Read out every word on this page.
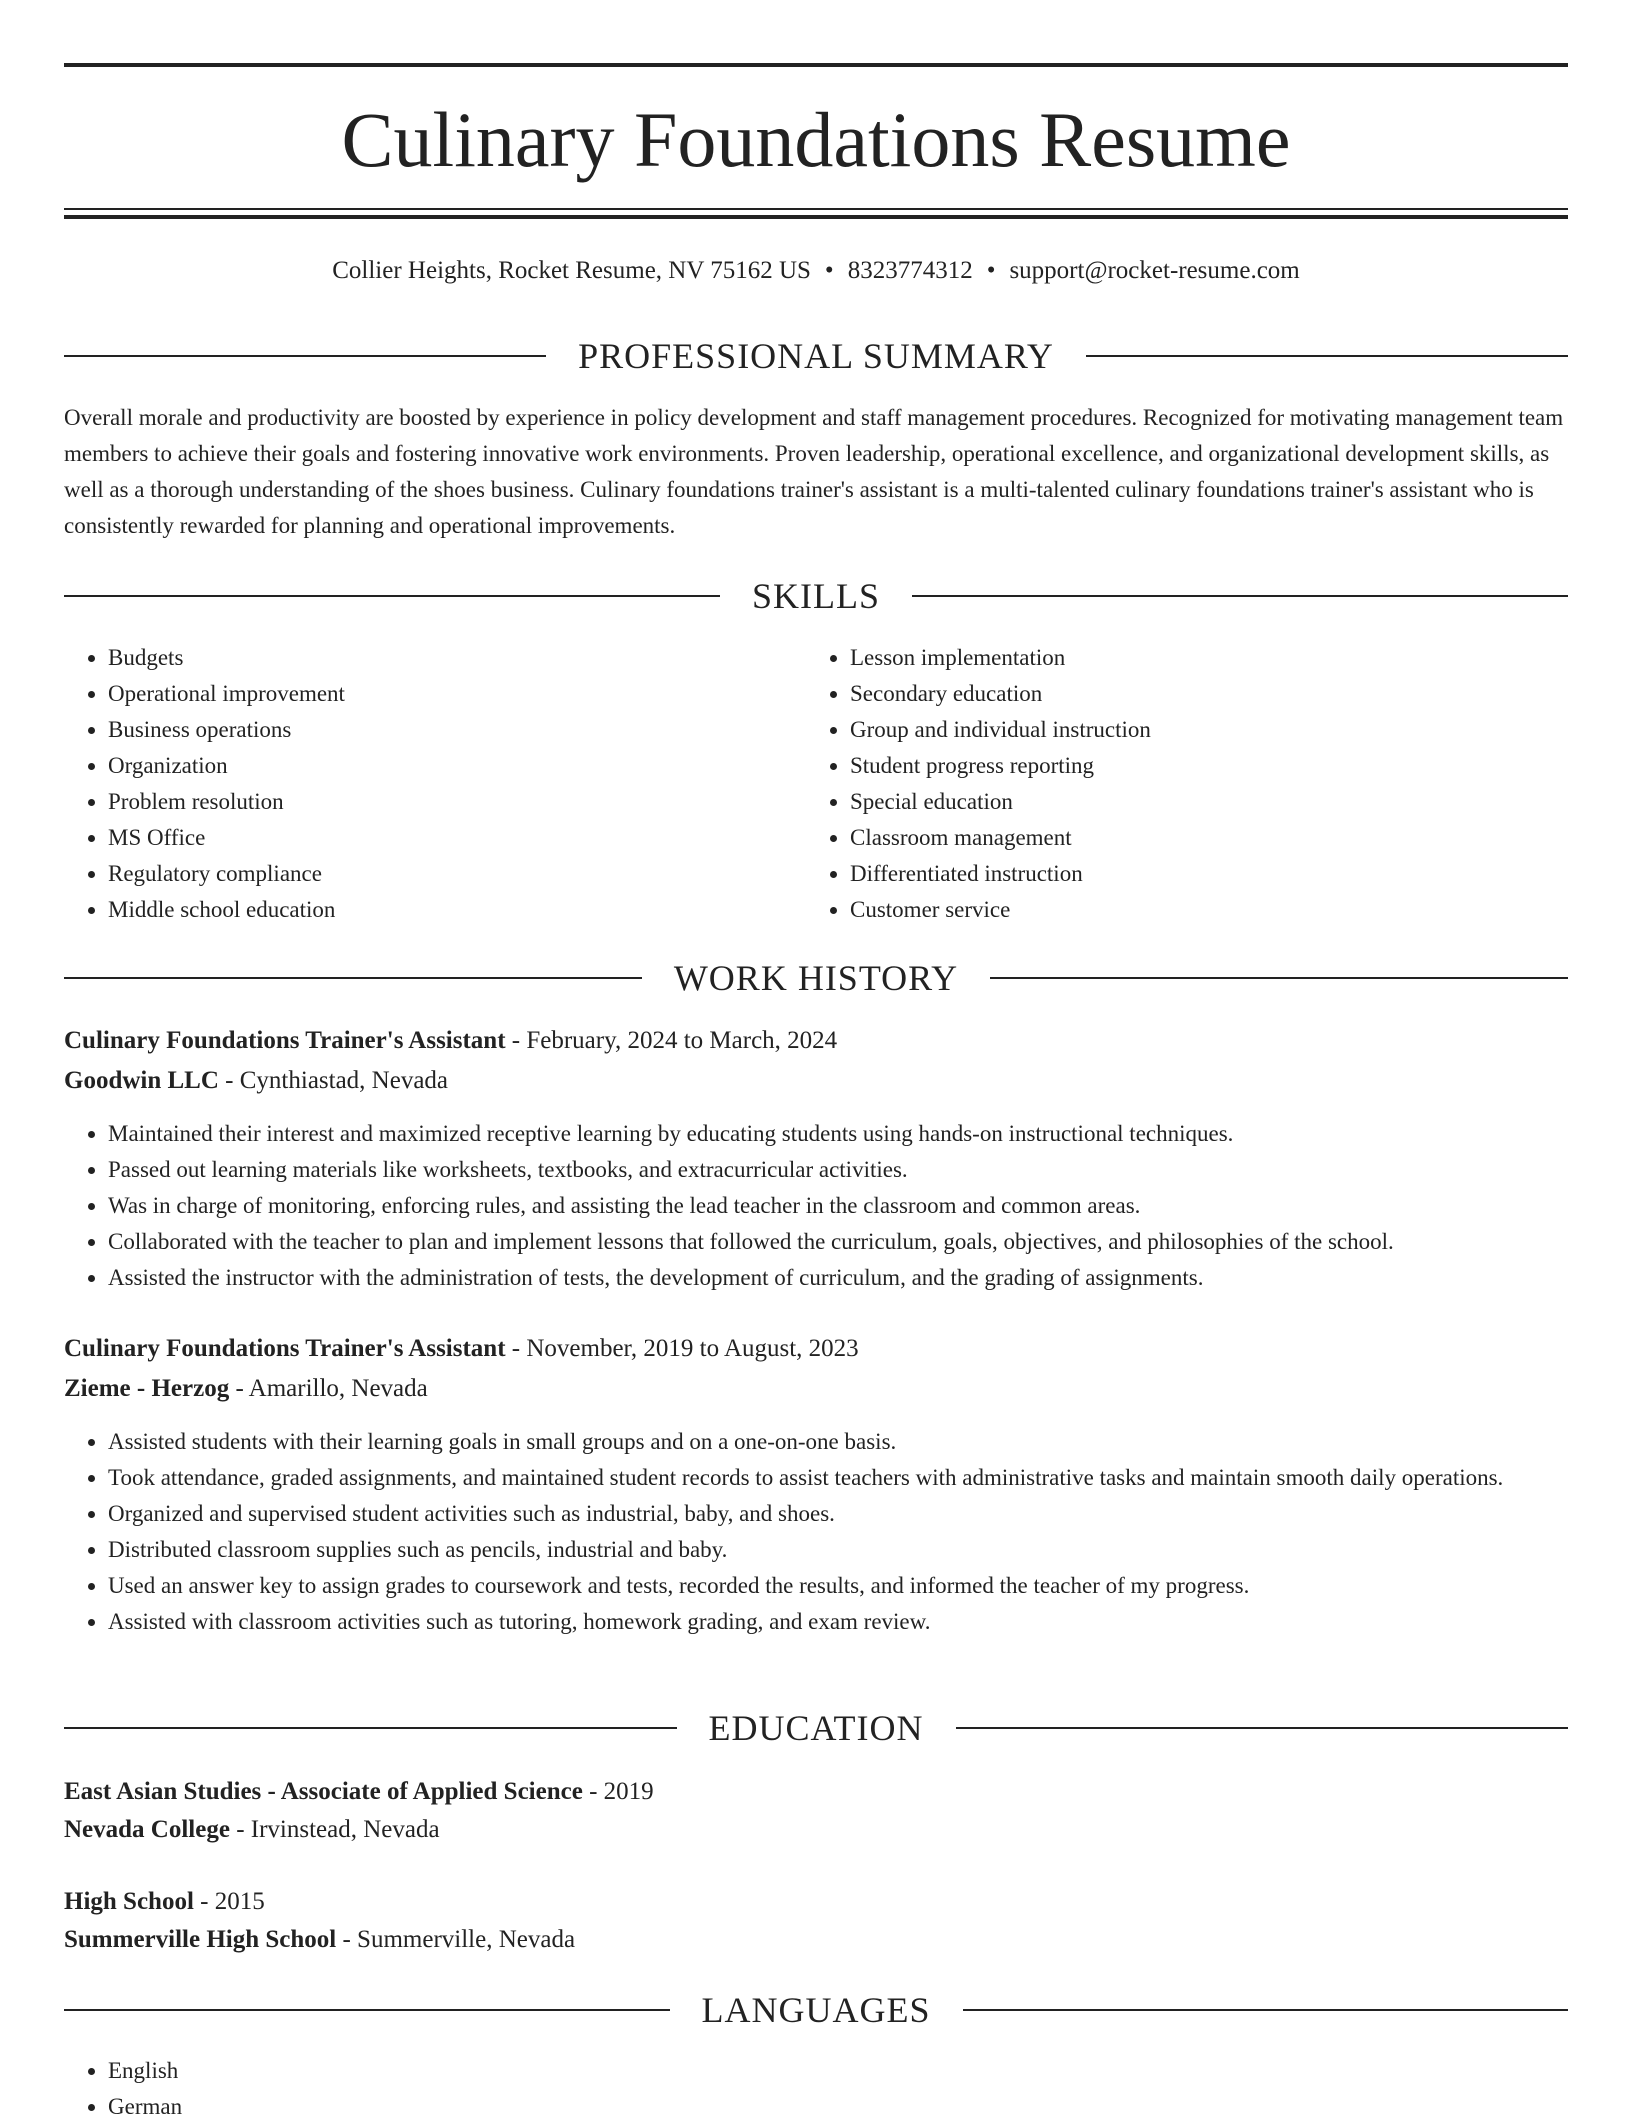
Culinary Foundations Resume
Collier Heights, Rocket Resume, NV 75162 US • 8323774312 • support@rocket-resume.com
PROFESSIONAL SUMMARY

Overall morale and productivity are boosted by experience in policy development and staff management procedures. Recognized for motivating management team members to achieve their goals and fostering innovative work environments. Proven leadership, operational excellence, and organizational development skills, as well as a thorough understanding of the shoes business. Culinary foundations trainer's assistant is a multi-talented culinary foundations trainer's assistant who is consistently rewarded for planning and operational improvements.

SKILLS
• Budgets
• Operational improvement
• Business operations
• Organization
• Problem resolution
• MS Office
• Regulatory compliance
• Middle school education
• Lesson implementation
• Secondary education
• Group and individual instruction
• Student progress reporting
• Special education
• Classroom management
• Differentiated instruction
• Customer service
WORK HISTORY
Culinary Foundations Trainer's Assistant - February, 2024 to March, 2024
Goodwin LLC - Cynthiastad, Nevada
• Maintained their interest and maximized receptive learning by educating students using hands-on instructional techniques.
• Passed out learning materials like worksheets, textbooks, and extracurricular activities.
• Was in charge of monitoring, enforcing rules, and assisting the lead teacher in the classroom and common areas.
• Collaborated with the teacher to plan and implement lessons that followed the curriculum, goals, objectives, and philosophies of the school.
• Assisted the instructor with the administration of tests, the development of curriculum, and the grading of assignments.
Culinary Foundations Trainer's Assistant - November, 2019 to August, 2023
Zieme - Herzog - Amarillo, Nevada
• Assisted students with their learning goals in small groups and on a one-on-one basis.
• Took attendance, graded assignments, and maintained student records to assist teachers with administrative tasks and maintain smooth daily operations.
• Organized and supervised student activities such as industrial, baby, and shoes.
• Distributed classroom supplies such as pencils, industrial and baby.
• Used an answer key to assign grades to coursework and tests, recorded the results, and informed the teacher of my progress.
• Assisted with classroom activities such as tutoring, homework grading, and exam review.
EDUCATION
East Asian Studies - Associate of Applied Science - 2019
Nevada College - Irvinstead, Nevada
High School - 2015
Summerville High School - Summerville, Nevada
LANGUAGES
• English
• German
